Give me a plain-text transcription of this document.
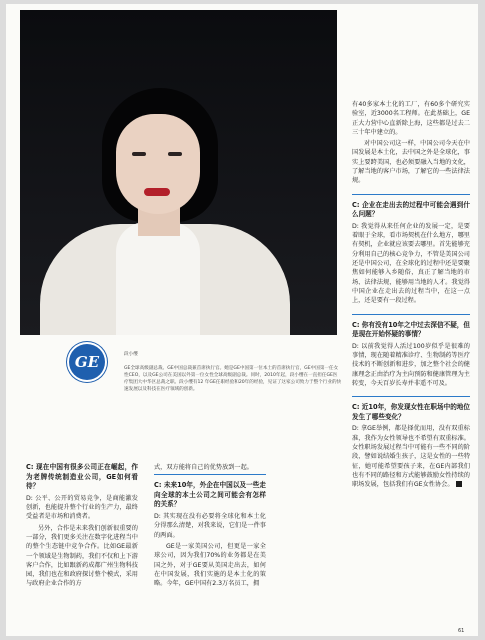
GE	段小缨

GE全球高级副总裁、GE中国总裁兼首席执行官。她是GE中国第一位本土的首席执行官，GE中国第一任女性CEO，以及GE公司在美国以外第一位女性全球高级副总裁。同时，2010年起，段小缨在一直担任GE医疗集团大中华区总裁之职。段小缨有12 年GE任职经验和20年的经验，见证了这家公司致力于整个行业的快速发展以及科技在医疗领域的创新。

有40多家本土化的工厂，有60多个研究实验室，近3000名工程师。在此基础上，GE正大力营中心直新除上海，这些都是过去二三十年中建立的。

对中国公司这一样，中国公司今天在中国发展是本土化，去中国之外是全球化，事实上要跨美国，也必须要融入当地的文化，了解当地的客户市场，了解它的一些法律法规。

C: 企业在走出去的过程中可能会遇到什么问题？

D: 我觉得从来任何企业的发展一定，是要着眼于全球，看市场契机在什么地方，哪里有契机，企业就应该要去哪里。首先能够充分利用自己的核心竞争力，不管是美国公司还是中国公司，在全球化的过程中还是要聚焦如何能够入乡随俗，真正了解当地的市场、法律法规，能够用当地的人才。我觉得中国企业在走出去的过程当中，在这一点上，还是要有一段过程。

C: 你有没有10年之中过去深信不疑，但是现在开始怀疑的事情？

D: 以前我觉得人活过100岁似乎是很难的事情，现在随着精准诊疗、生物制药等医疗技术的不断创新和进步，加之整个社会的健康理念正由治疗为主向预防和健康管理为主转变，今天百岁长寿并非遥不可及。

C: 近10年，你发现女性在职场中的地位发生了哪些变化？

D: 拿GE举例，都是择优而用，没有双重标准，我作为女性领导也不希望有双重标准。女性职场发展过程当中可能有一些不同的阶段，譬如说结婚生孩子，这是女性的一些特征，她可能希望要孩子来，在GE内部我们也有不同的路径和方式能够鼓励女性持续的职场发展，包括我们有GE女性协会。

C: 现在中国有很多公司正在崛起，作为老牌传统制造业公司，GE如何看待？

D: 公平、公开的贸易竞争，是商能激发创新，也能提升整个行业的生产力，最终受益者是市场和消费者。

另外，合作是未来我们创新很重要的一部分，我们更多关注在数字化进程当中的整个生态链中竞争合作。比如GE最新一个领域是生物制药，我们不仅和上下游客户合作，比如跟新药成都广州生物科技园，我们也在和政府探讨整个模式，采用与政府企业合作的方

式，双方能将自己的优势放到一起。

C: 未来10年，外企在中国以及一些走向全球的本土公司之间可能会有怎样的关系？

D: 其实现在没有必要将全球化和本土化分得那么清楚，对我来说，它们是一件事的两面。

GE是一家美国公司，但更是一家全球公司，因为我们70%的业务都是在美国之外，对于GE要从美国走出去，如何在中国发展，我们实施的是本土化的策略。今年，GE中国有2.3万名员工，拥

61
